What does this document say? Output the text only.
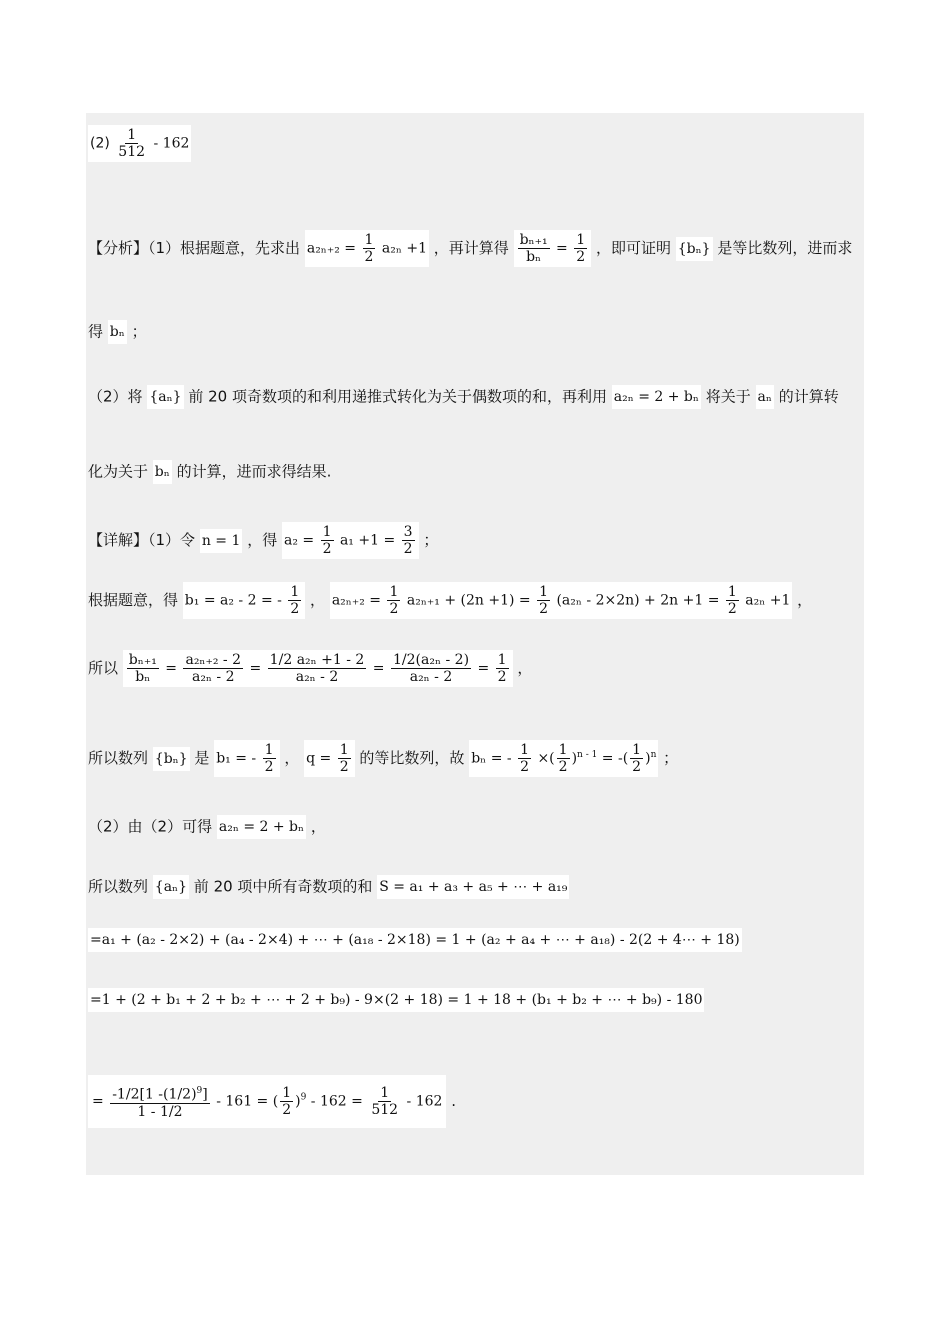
$(2) \frac{1}{512} - 162$
【分析】（1）根据题意，先求出 $a_{2n+2} = \frac{1}{2} a_{2n} +1$ ，再计算得 $\frac{\text{bₙ₊₁}}{\text{bₙ}} = \frac{1}{2}$ ，即可证明 {bₙ} 是等比数列，进而求
得 bₙ ；
（2）将 {aₙ} 前 20 项奇数项的和利用递推式转化为关于偶数项的和，再利用 a₂ₙ = 2 + bₙ 将关于 aₙ 的计算转
化为关于 bₙ 的计算，进而求得结果.
【详解】（1）令 n = 1 ，得 $a_2 = \frac{1}{2} a_1 +1 = \frac{3}{2}$ ；
根据题意，得 b₁ = a₂ - 2 = - $\frac{1}{2}$ ， $a_{2n+2} = \frac{1}{2} a_{2n+1} + (2n +1) = \frac{1}{2} (a_{2n} - 2\times 2n) + 2n +1 = \frac{1}{2} a_{2n} +1$ ，
所以 $\frac{\text{bₙ₊₁}}{\text{bₙ}} = \frac{\text{a₂ₙ₊₂ - 2}}{\text{a₂ₙ - 2}} = \frac{\text{1/2 a₂ₙ +1 - 2}}{\text{a₂ₙ - 2}} = \frac{\text{1/2(a₂ₙ - 2)}}{\text{a₂ₙ - 2}} = \frac{1}{2}$ ，
所以数列 {bₙ} 是 b₁ = - $\frac{1}{2}$ ， $q = \frac{1}{2}$ 的等比数列，故 bₙ = - $\frac{1}{2}$ ×( $\frac{1}{2} )^{n - 1}$ = -( $\frac{1}{2} )^n$ ；
（2）由（2）可得 a₂ₙ = 2 + bₙ ，
所以数列 {aₙ} 前 20 项中所有奇数项的和 S = a₁ + a₃ + a₅ + ⋯ + a₁₉
=a₁ + (a₂ - 2×2) + (a₄ - 2×4) + ⋯ + (a₁₈ - 2×18) = 1 + (a₂ + a₄ + ⋯ + a₁₈) - 2(2 + 4⋯ + 18)
=1 + (2 + b₁ + 2 + b₂ + ⋯ + 2 + b₉) - 9×(2 + 18) = 1 + 18 + (b₁ + b₂ + ⋯ + b₉) - 180
= $\frac{-1/2[1 -(1/2)^9]}{1 - 1/2} - 161$ = ( $\frac{1}{2} )^9 - 162 = \frac{1}{512} - 162$ .
